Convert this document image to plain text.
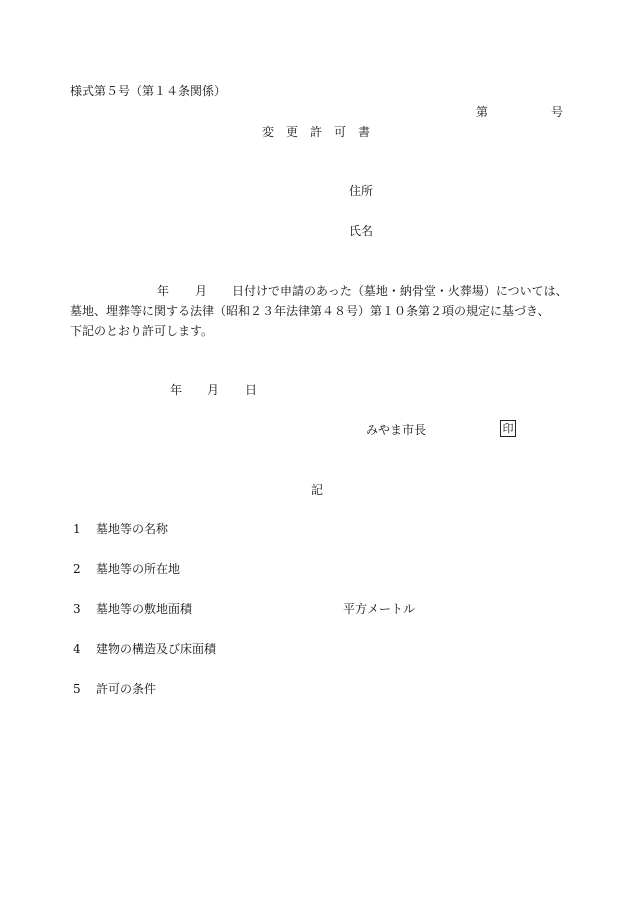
様式第５号（第１４条関係）
第	号
変　更　許　可　書
住所
氏名
年 月 日付けで申請のあった（墓地・納骨堂・火葬場）については、
墓地、埋葬等に関する法律（昭和２３年法律第４８号）第１０条第２項の規定に基づき、
下記のとおり許可します。
年 月 日
みやま市長	印
記
1 墓地等の名称
2 墓地等の所在地
3 墓地等の敷地面積	平方メートル
4 建物の構造及び床面積
5 許可の条件
